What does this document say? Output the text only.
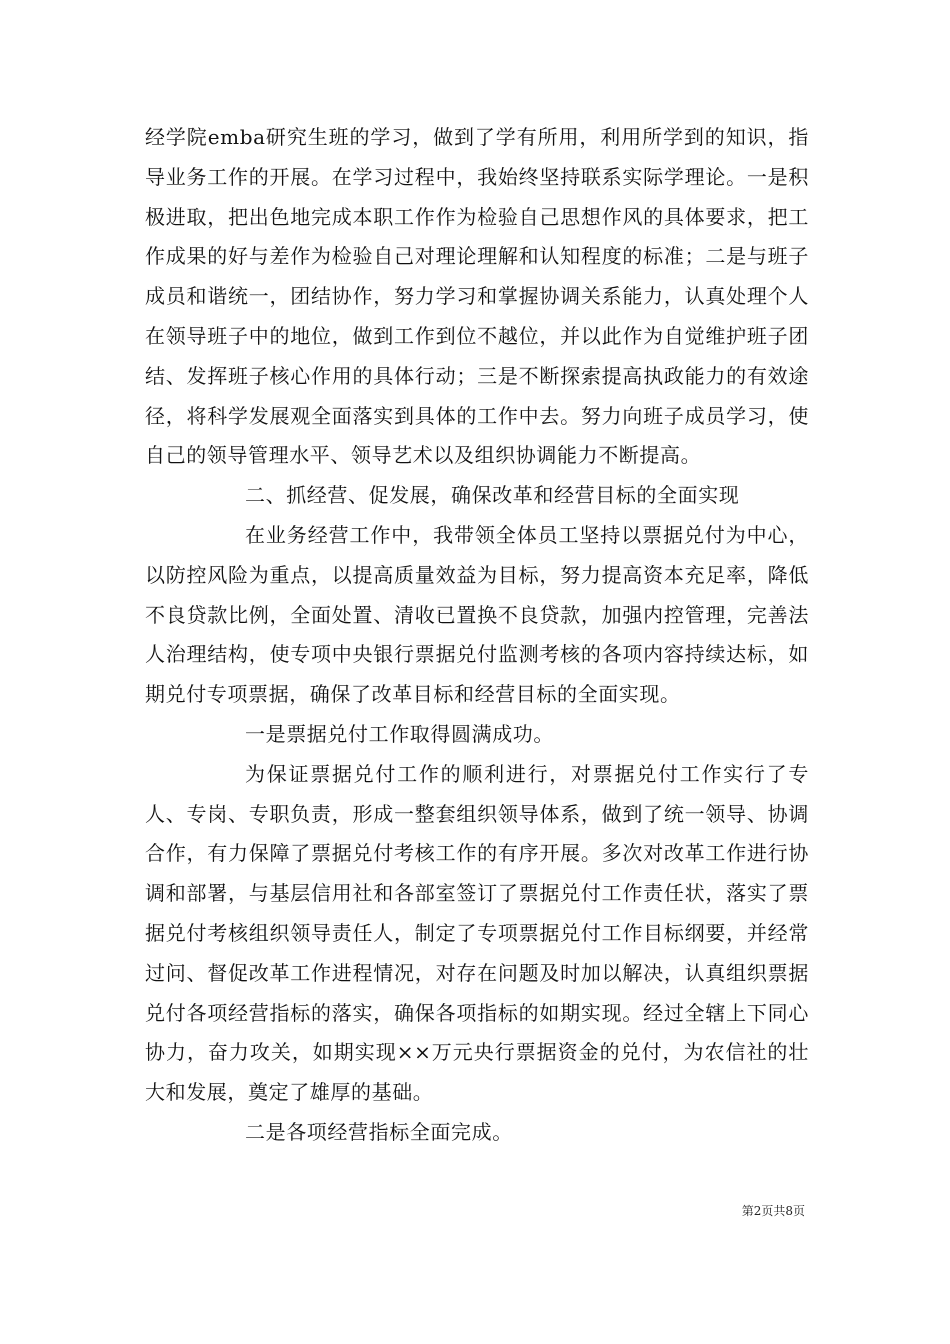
经学院emba研究生班的学习，做到了学有所用，利用所学到的知识，指导业务工作的开展。在学习过程中，我始终坚持联系实际学理论。一是积极进取，把出色地完成本职工作作为检验自己思想作风的具体要求，把工作成果的好与差作为检验自己对理论理解和认知程度的标准；二是与班子成员和谐统一，团结协作，努力学习和掌握协调关系能力，认真处理个人在领导班子中的地位，做到工作到位不越位，并以此作为自觉维护班子团结、发挥班子核心作用的具体行动；三是不断探索提高执政能力的有效途径，将科学发展观全面落实到具体的工作中去。努力向班子成员学习，使自己的领导管理水平、领导艺术以及组织协调能力不断提高。

二、抓经营、促发展，确保改革和经营目标的全面实现

在业务经营工作中，我带领全体员工坚持以票据兑付为中心，以防控风险为重点，以提高质量效益为目标，努力提高资本充足率，降低不良贷款比例，全面处置、清收已置换不良贷款，加强内控管理，完善法人治理结构，使专项中央银行票据兑付监测考核的各项内容持续达标，如期兑付专项票据，确保了改革目标和经营目标的全面实现。

一是票据兑付工作取得圆满成功。

为保证票据兑付工作的顺利进行，对票据兑付工作实行了专人、专岗、专职负责，形成一整套组织领导体系，做到了统一领导、协调合作，有力保障了票据兑付考核工作的有序开展。多次对改革工作进行协调和部署，与基层信用社和各部室签订了票据兑付工作责任状，落实了票据兑付考核组织领导责任人，制定了专项票据兑付工作目标纲要，并经常过问、督促改革工作进程情况，对存在问题及时加以解决，认真组织票据兑付各项经营指标的落实，确保各项指标的如期实现。经过全辖上下同心协力，奋力攻关，如期实现××万元央行票据资金的兑付，为农信社的壮大和发展，奠定了雄厚的基础。

二是各项经营指标全面完成。

第2页共8页
